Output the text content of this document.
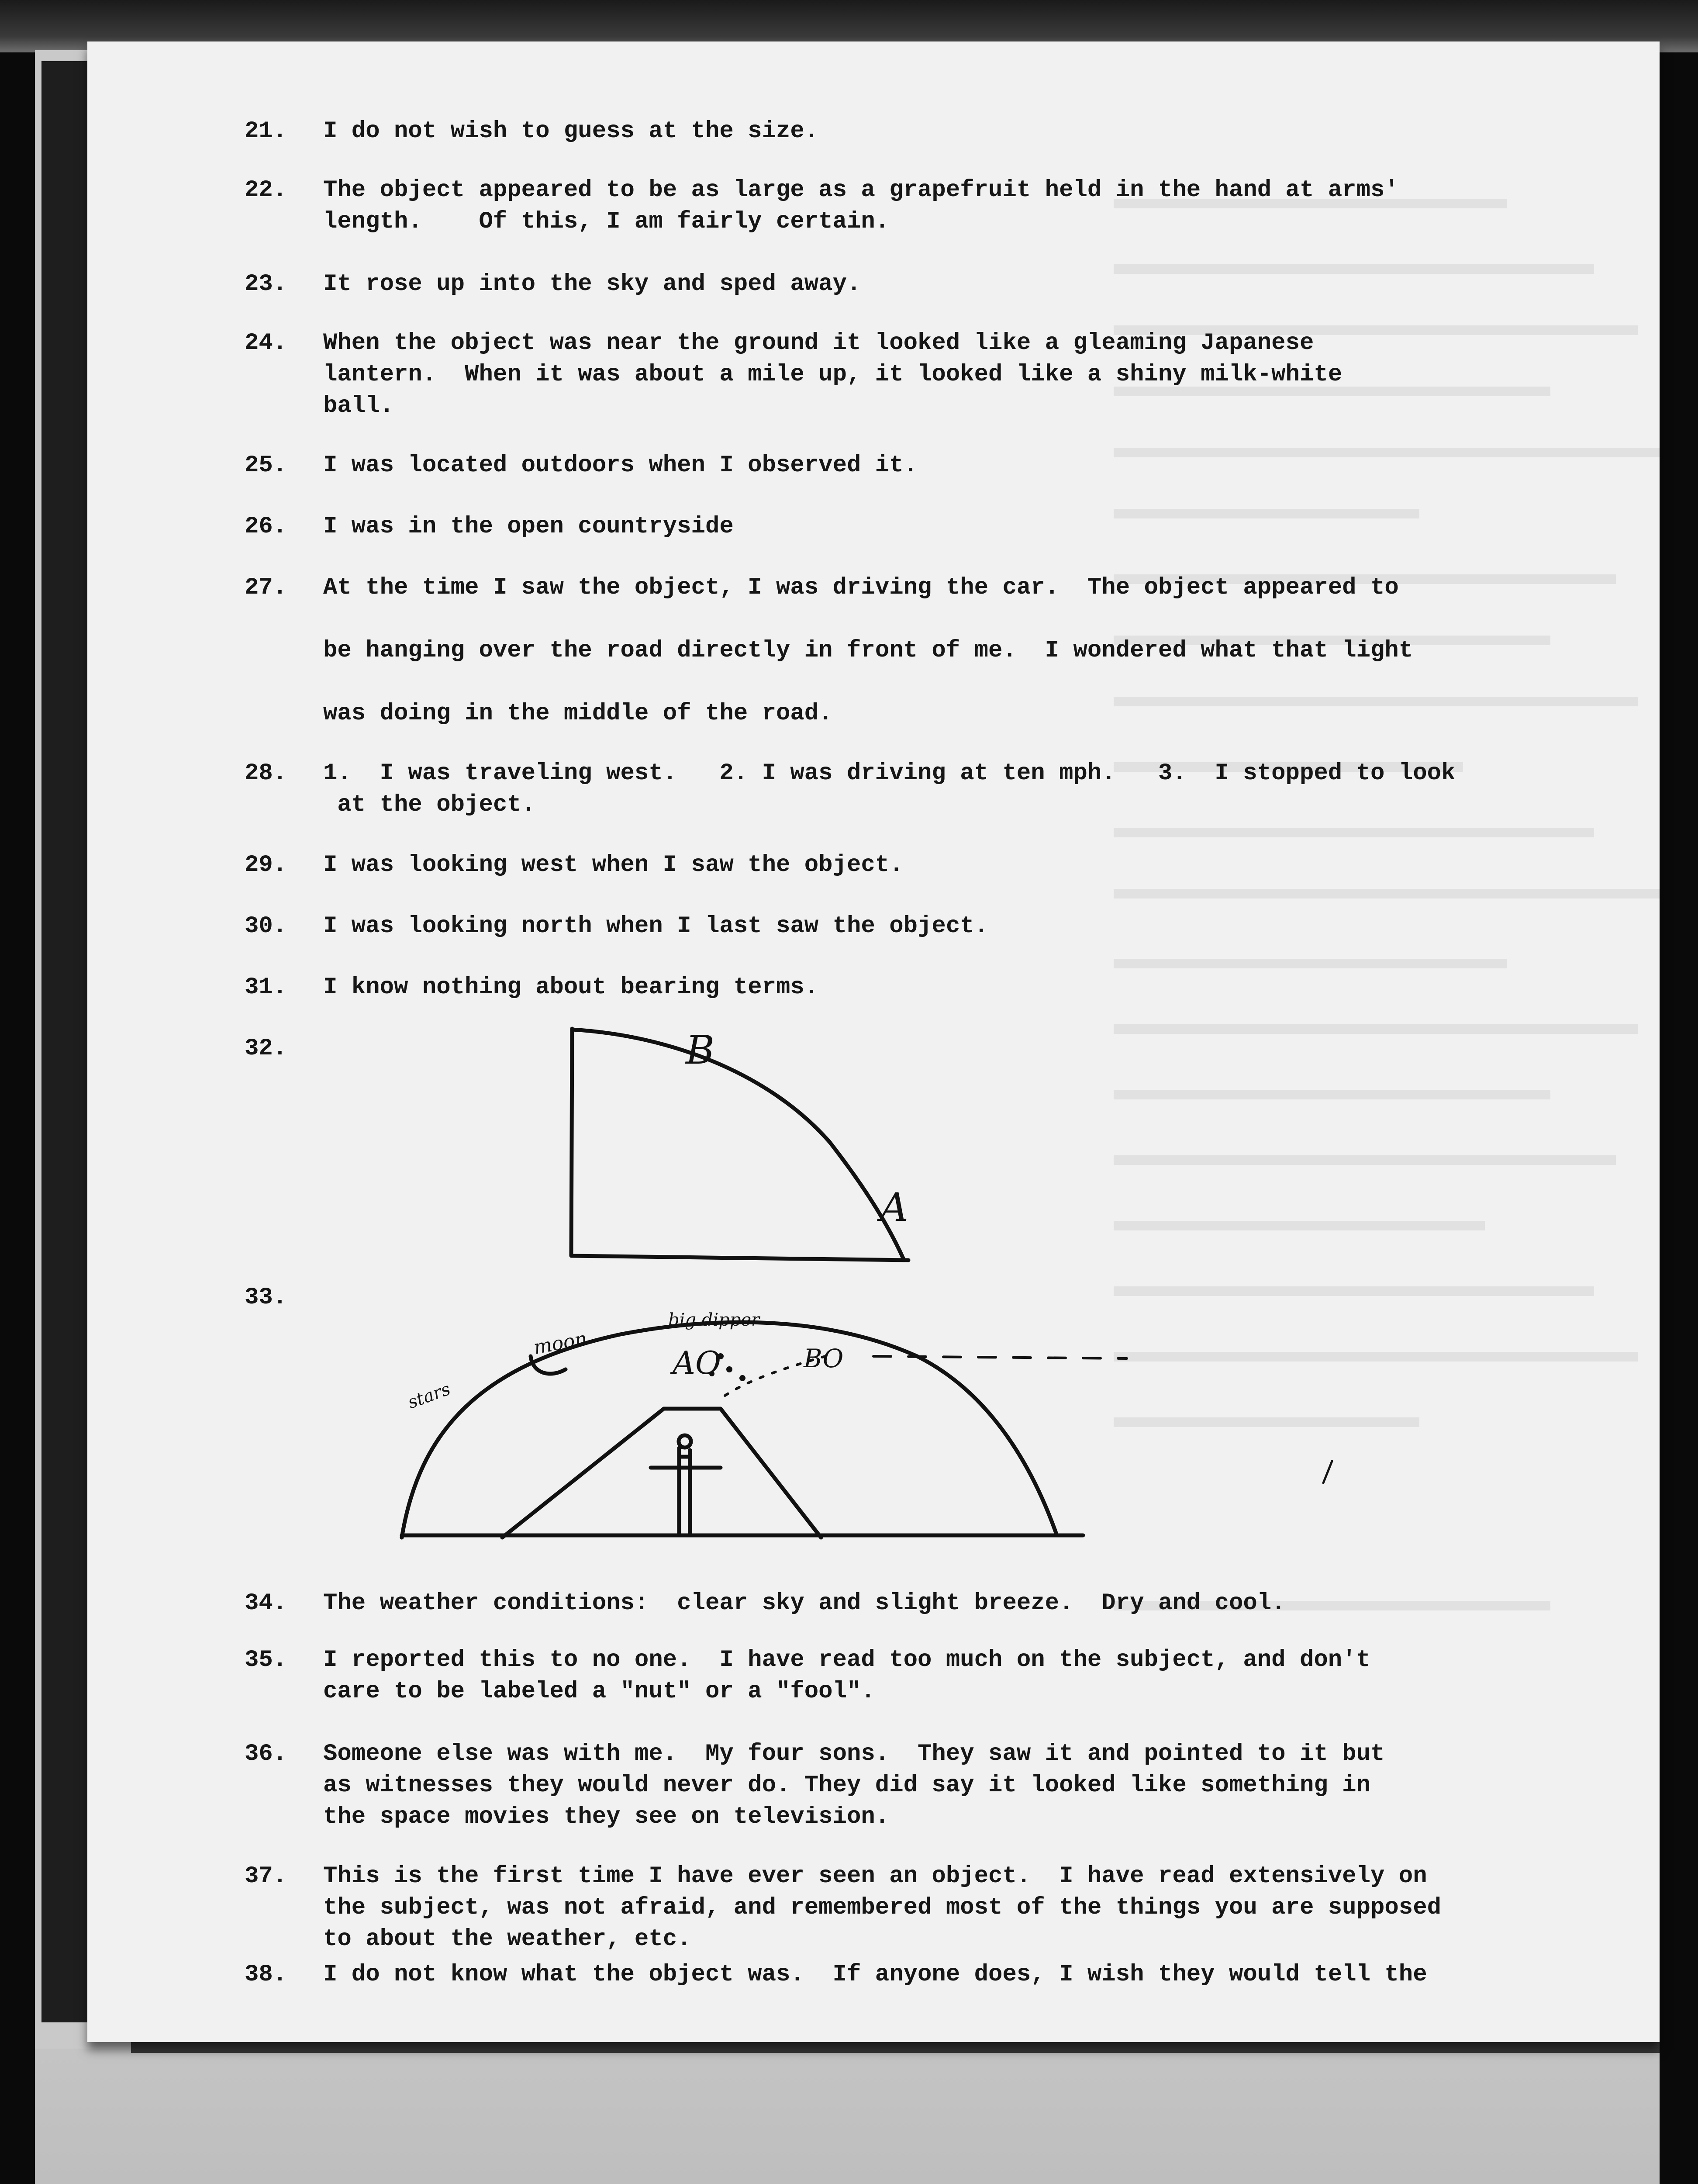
21.

I do not wish to guess at the size.

22.

The object appeared to be as large as a grapefruit held in the hand at arms'
length.    Of this, I am fairly certain.

23.

It rose up into the sky and sped away.

24.

When the object was near the ground it looked like a gleaming Japanese
lantern.  When it was about a mile up, it looked like a shiny milk-white
ball.

25.

I was located outdoors when I observed it.

26.

I was in the open countryside

27.

At the time I saw the object, I was driving the car.  The object appeared to

be hanging over the road directly in front of me.  I wondered what that light

was doing in the middle of the road.

28.

1.  I was traveling west.   2. I was driving at ten mph.   3.  I stopped to look
at the object.

29.

I was looking west when I saw the object.

30.

I was looking north when I last saw the object.

31.

I know nothing about bearing terms.

32.

33.

B
A
moon
big dipper
BO
AO
stars

34.

The weather conditions:  clear sky and slight breeze.  Dry and cool.

35.

I reported this to no one.  I have read too much on the subject, and don't
care to be labeled a "nut" or a "fool".

36.

Someone else was with me.  My four sons.  They saw it and pointed to it but
as witnesses they would never do. They did say it looked like something in
the space movies they see on television.

37.

This is the first time I have ever seen an object.  I have read extensively on
the subject, was not afraid, and remembered most of the things you are supposed
to about the weather, etc.

38.

I do not know what the object was.  If anyone does, I wish they would tell the
